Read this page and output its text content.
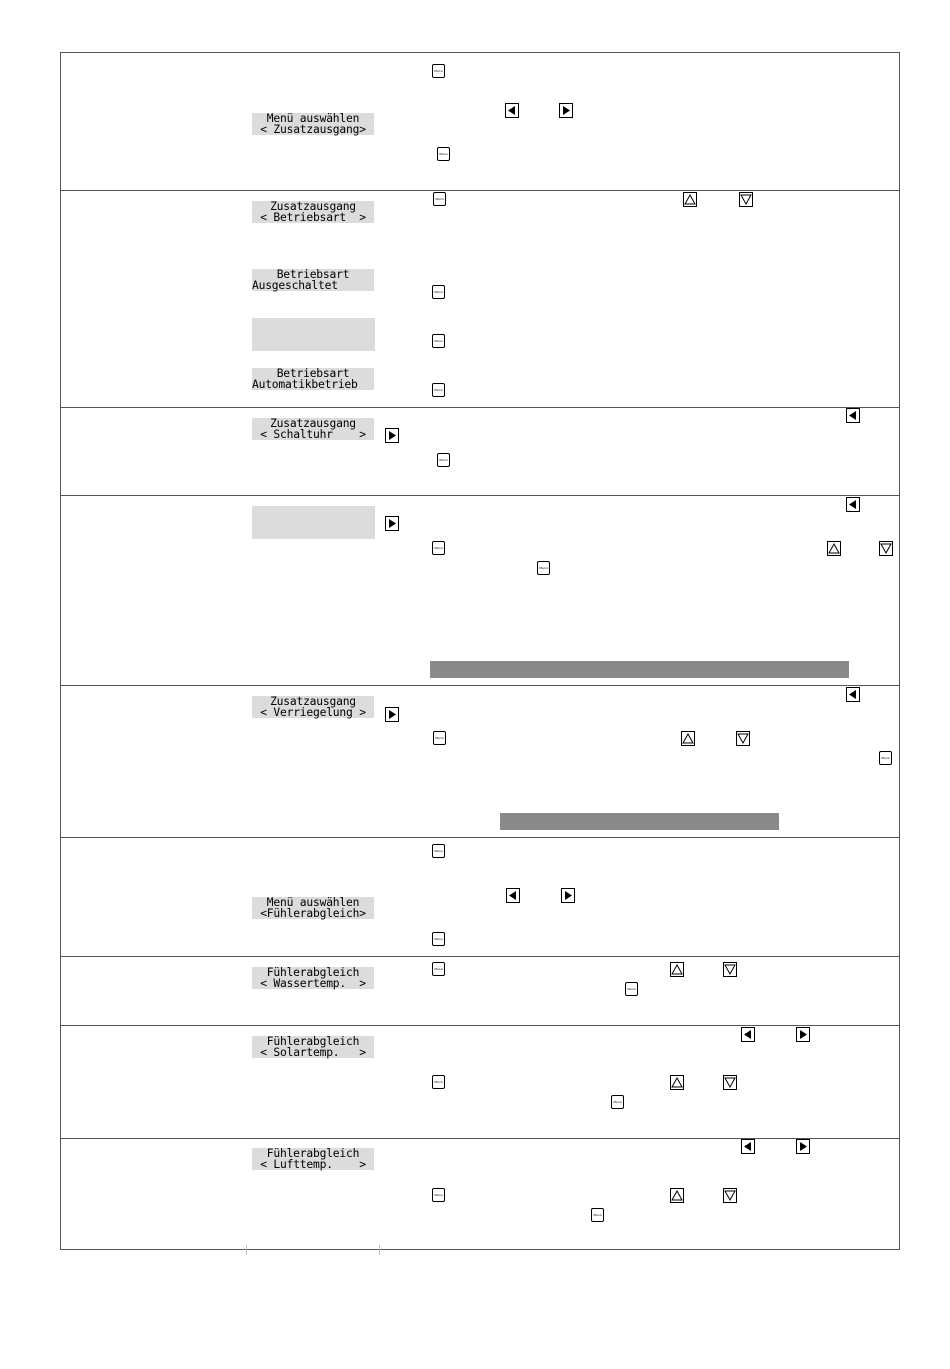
Menü auswählen
< Zusatzausgang>
Zusatzausgang
< Betriebsart  >
Betriebsart
Ausgeschaltet
Betriebsart
Automatikbetrieb
Zusatzausgang
< Schaltuhr    >
Zusatzausgang
< Verriegelung >
Menü auswählen
<Fühlerabgleich>
Fühlerabgleich
< Wassertemp.  >
Fühlerabgleich
< Solartemp.   >
Fühlerabgleich
< Lufttemp.    >
Menü
Menü
Menü
Menü
Menü
Menü
Menü
Menü
Menü
Menü
Menü
Menü
Menü
Menü
Menü
Menü
Menü
Menü
Menü
